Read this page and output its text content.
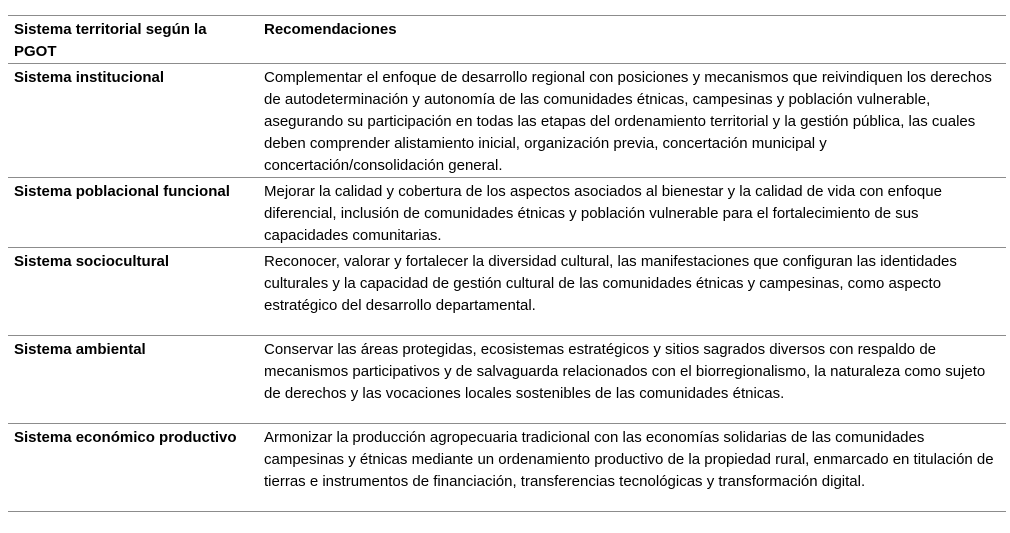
Sistema territorial según la PGOT	Recomendaciones
Sistema institucional	Complementar el enfoque de desarrollo regional con posiciones y mecanismos que reivindiquen los derechos de autodeterminación y autonomía de las comunidades étnicas, campesinas y población vulnerable, asegurando su participación en todas las etapas del ordenamiento territorial y la gestión pública, las cuales deben comprender alistamiento inicial, organización previa, concertación municipal y concertación/consolidación general.
Sistema poblacional funcional	Mejorar la calidad y cobertura de los aspectos asociados al bienestar y la calidad de vida con enfoque diferencial, inclusión de comunidades étnicas y población vulnerable para el fortalecimiento de sus capacidades comunitarias.
Sistema sociocultural	Reconocer, valorar y fortalecer la diversidad cultural, las manifestaciones que configuran las identidades culturales y la capacidad de gestión cultural de las comunidades étnicas y campesinas, como aspecto estratégico del desarrollo departamental.
Sistema ambiental	Conservar las áreas protegidas, ecosistemas estratégicos y sitios sagrados diversos con respaldo de mecanismos participativos y de salvaguarda relacionados con el biorregionalismo, la naturaleza como sujeto de derechos y las vocaciones locales sostenibles de las comunidades étnicas.
Sistema económico productivo	Armonizar la producción agropecuaria tradicional con las economías solidarias de las comunidades campesinas y étnicas mediante un ordenamiento productivo de la propiedad rural, enmarcado en titulación de tierras e instrumentos de financiación, transferencias tecnológicas y transformación digital.
